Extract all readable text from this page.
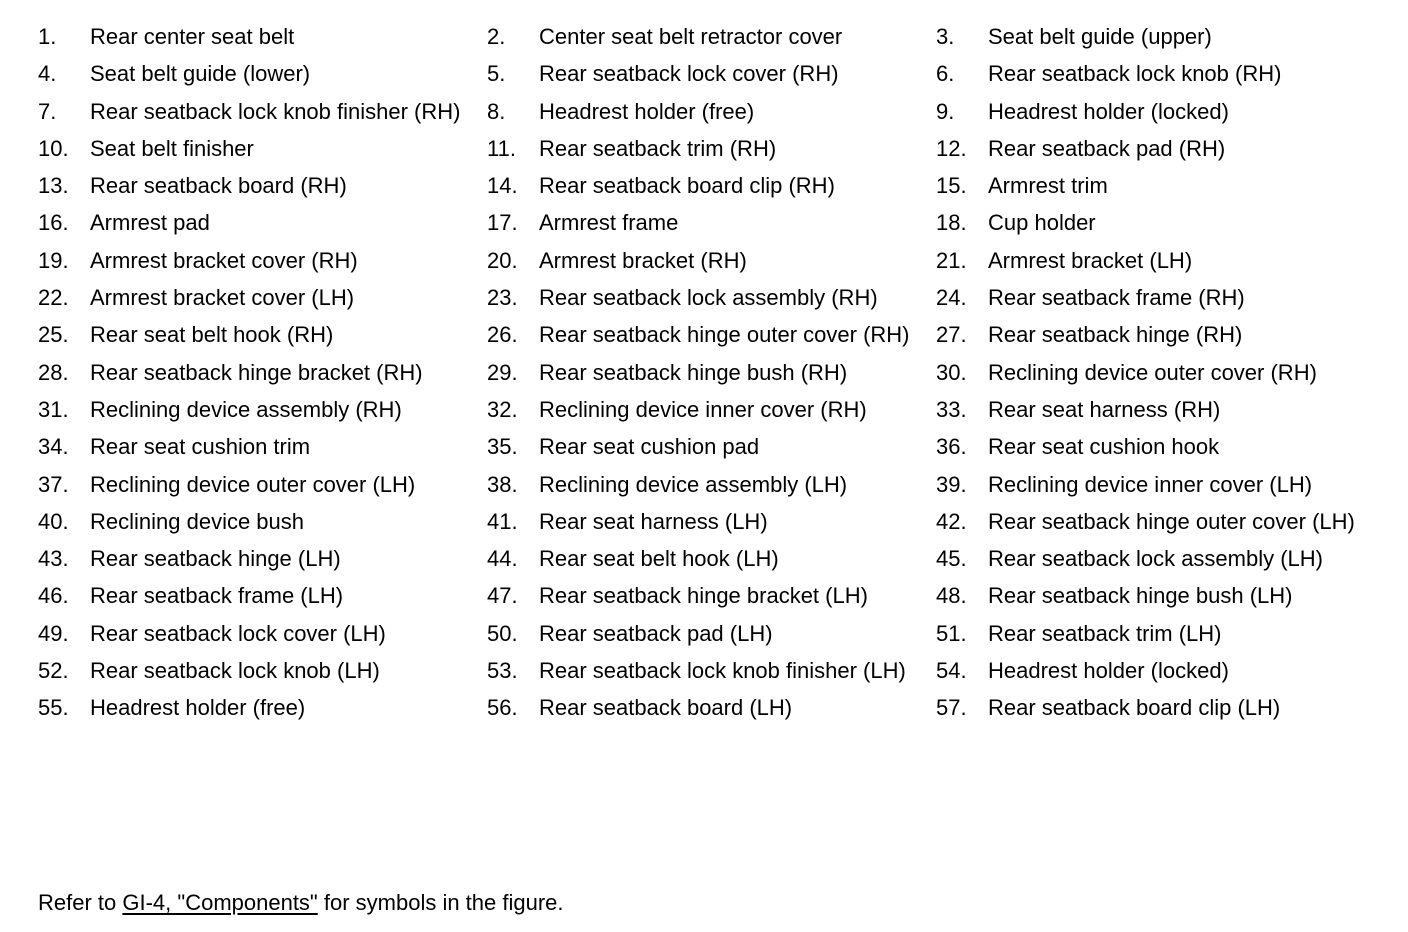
1.	Rear center seat belt	2.	Center seat belt retractor cover	3.	Seat belt guide (upper)
4.	Seat belt guide (lower)	5.	Rear seatback lock cover (RH)	6.	Rear seatback lock knob (RH)
7.	Rear seatback lock knob finisher (RH)	8.	Headrest holder (free)	9.	Headrest holder (locked)
10. Seat belt finisher	11.	Rear seatback trim (RH)	12. Rear seatback pad (RH)
13. Rear seatback board (RH)	14. Rear seatback board clip (RH)	15. Armrest trim
16. Armrest pad	17. Armrest frame	18. Cup holder
19. Armrest bracket cover (RH)	20. Armrest bracket (RH)	21. Armrest bracket (LH)
22. Armrest bracket cover (LH)	23. Rear seatback lock assembly (RH)	24. Rear seatback frame (RH)
25. Rear seat belt hook (RH)	26. Rear seatback hinge outer cover (RH)	27. Rear seatback hinge (RH)
28. Rear seatback hinge bracket (RH)	29. Rear seatback hinge bush (RH)	30. Reclining device outer cover (RH)
31. Reclining device assembly (RH)	32. Reclining device inner cover (RH)	33. Rear seat harness (RH)
34. Rear seat cushion trim	35. Rear seat cushion pad	36. Rear seat cushion hook
37. Reclining device outer cover (LH)	38. Reclining device assembly (LH)	39. Reclining device inner cover (LH)
40. Reclining device bush	41. Rear seat harness (LH)	42. Rear seatback hinge outer cover (LH)
43. Rear seatback hinge (LH)	44. Rear seat belt hook (LH)	45. Rear seatback lock assembly (LH)
46. Rear seatback frame (LH)	47. Rear seatback hinge bracket (LH)	48. Rear seatback hinge bush (LH)
49. Rear seatback lock cover (LH)	50. Rear seatback pad (LH)	51. Rear seatback trim (LH)
52. Rear seatback lock knob (LH)	53. Rear seatback lock knob finisher (LH)	54. Headrest holder (locked)
55. Headrest holder (free)	56. Rear seatback board (LH)	57. Rear seatback board clip (LH)
Refer to GI-4, "Components" for symbols in the figure.
